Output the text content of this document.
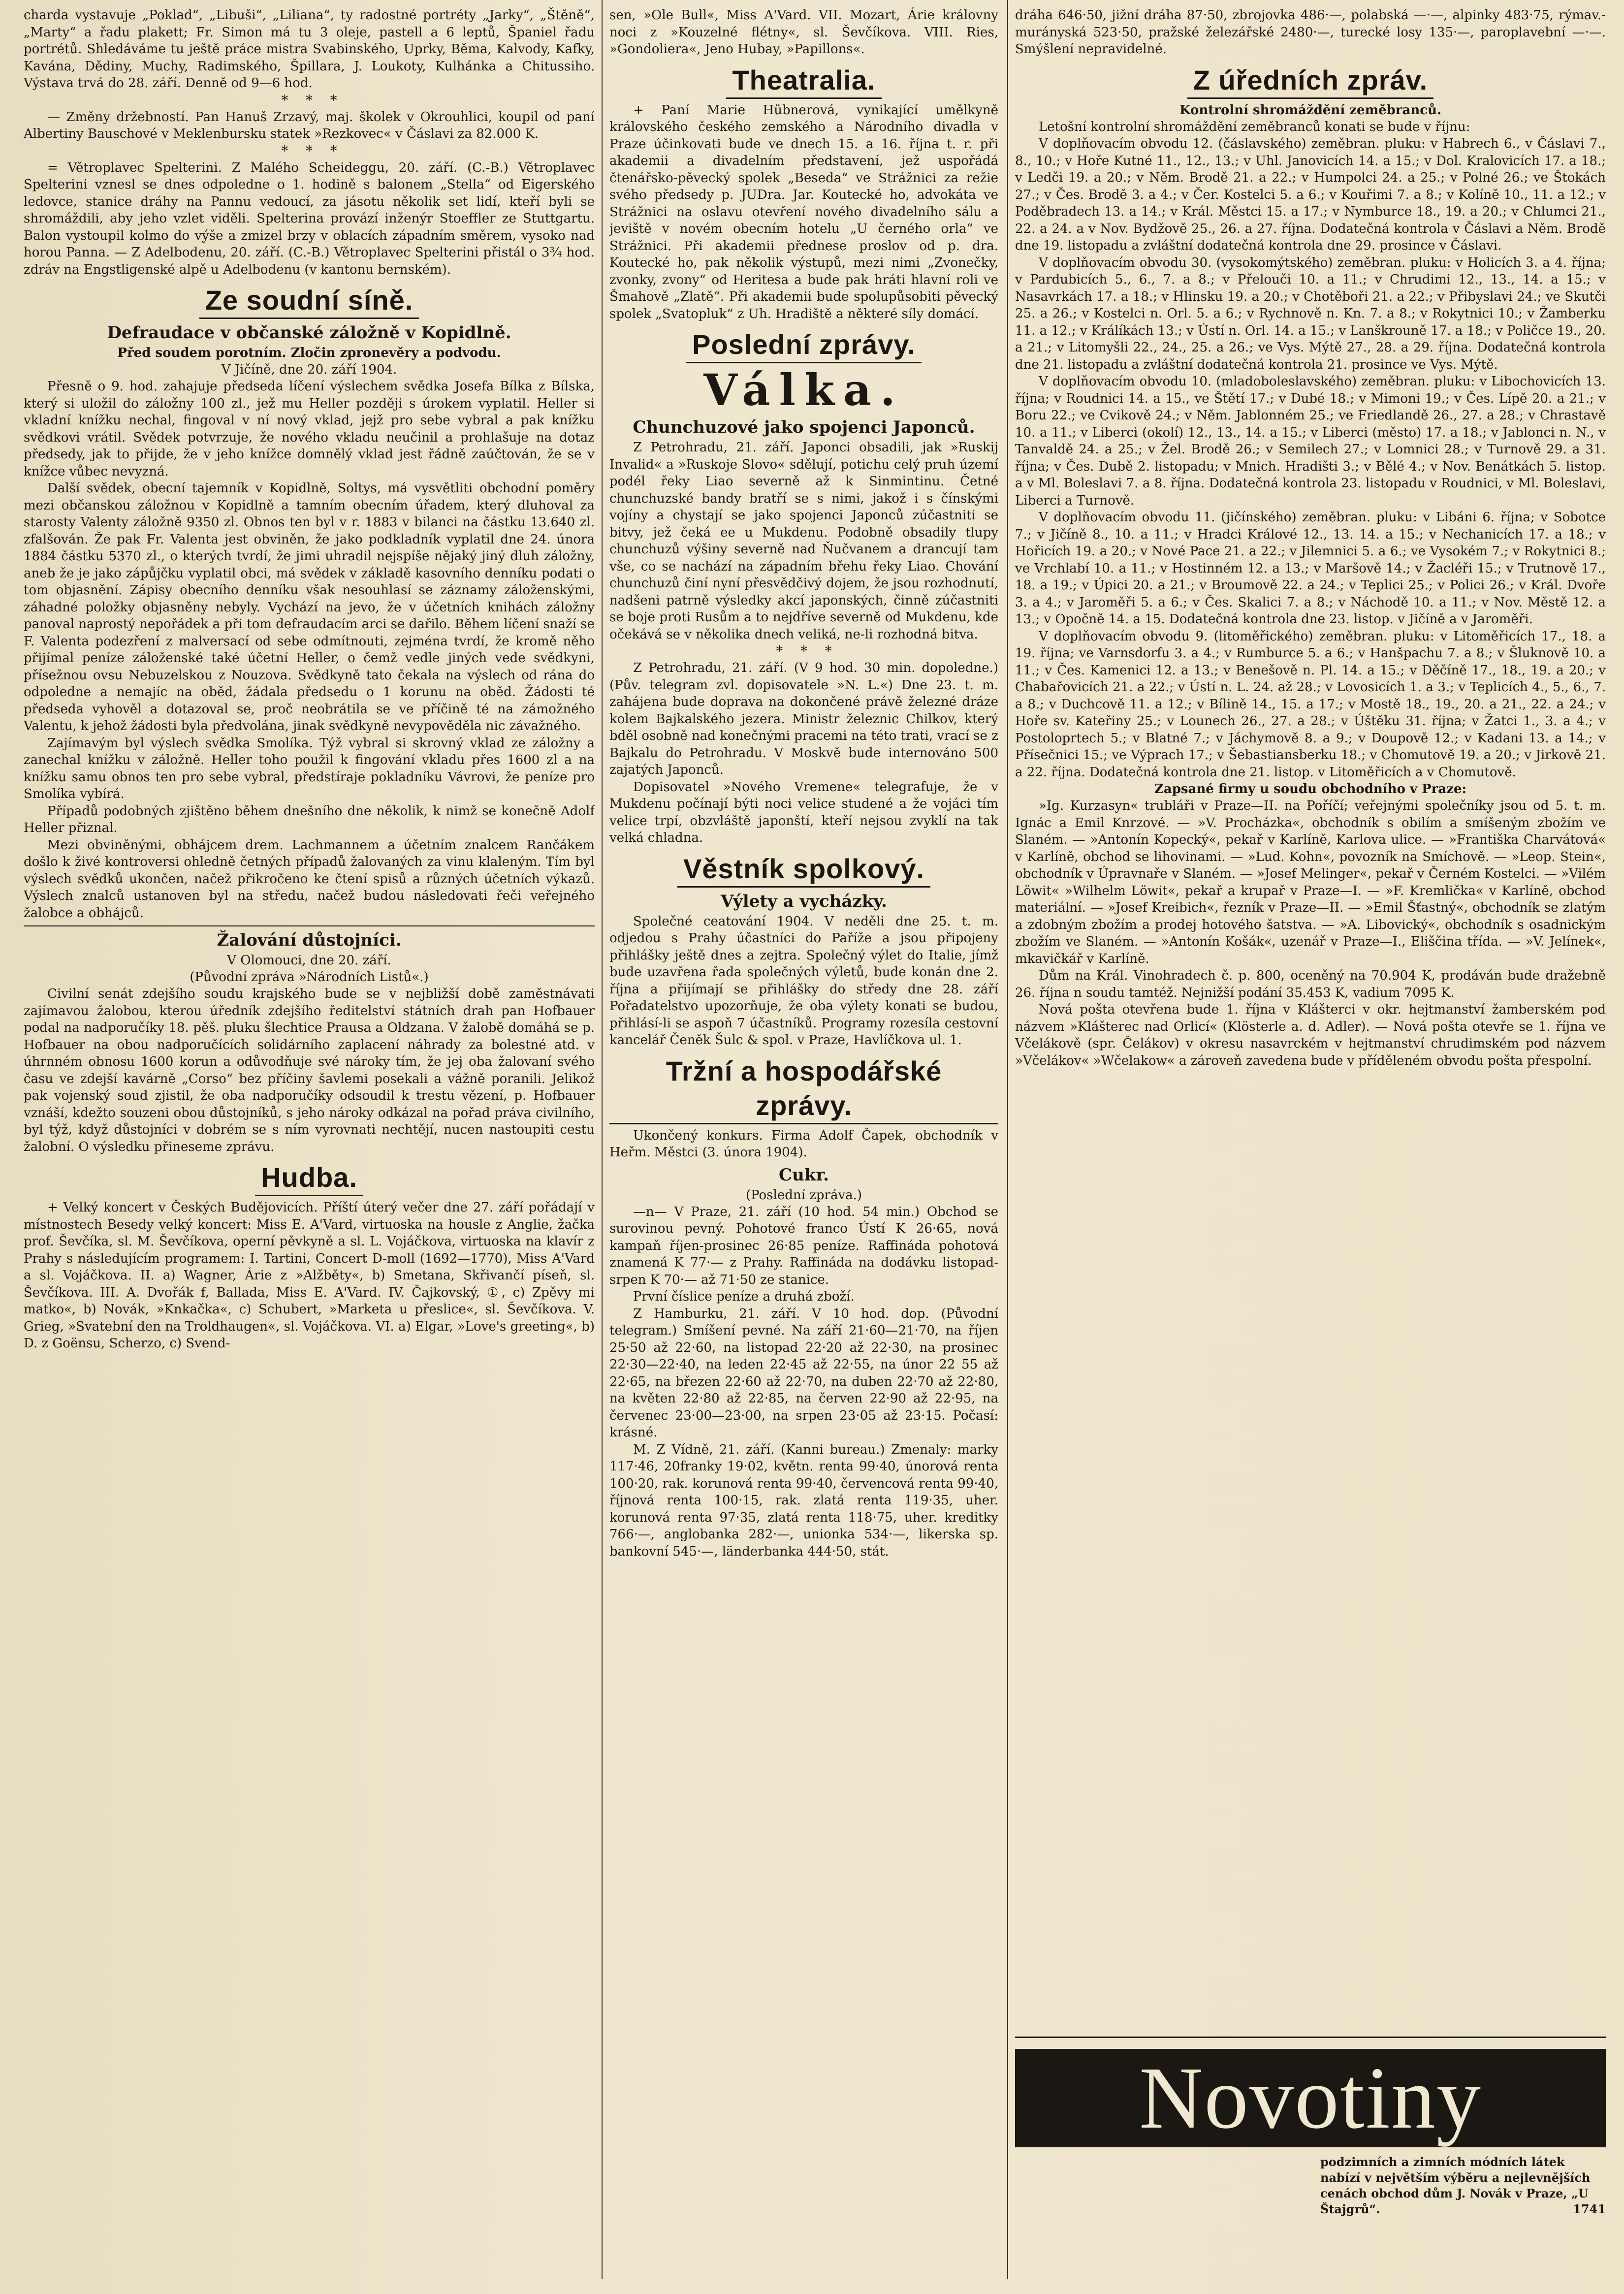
charda vystavuje „Poklad“, „Libuši“, „Liliana“, ty radostné portréty „Jarky“, „Štěně“, „Marty“ a řadu plakett; Fr. Simon má tu 3 oleje, pastell a 6 leptů, Španiel řadu portrétů. Shledáváme tu ještě práce mistra Svabinského, Uprky, Běma, Kalvody, Kafky, Kavána, Dědiny, Muchy, Radimského, Špillara, J. Loukoty, Kulhánka a Chitussiho. Výstava trvá do 28. září. Denně od 9—6 hod.

*    *    *

— Změny držebností. Pan Hanuš Zrzavý, maj. školek v Okrouhlici, koupil od paní Albertiny Bauschové v Meklenbursku statek »Rezkovec« v Čáslavi za 82.000 K.

*    *    *

= Větroplavec Spelterini. Z Malého Scheideggu, 20. září. (C.-B.) Větroplavec Spelterini vznesl se dnes odpoledne o 1. hodině s balonem „Stella“ od Eigerského ledovce, stanice dráhy na Pannu vedoucí, za jásotu několik set lidí, kteří byli se shromáždili, aby jeho vzlet viděli. Spelterina provází inženýr Stoeffler ze Stuttgartu. Balon vystoupil kolmo do výše a zmizel brzy v oblacích západním směrem, vysoko nad horou Panna. — Z Adelbodenu, 20. září. (C.-B.) Větroplavec Spelterini přistál o 3¾ hod. zdráv na Engstligenské alpě u Adelbodenu (v kantonu bernském).

Ze soudní síně.
Defraudace v občanské záložně v Kopidlně.
Před soudem porotním. Zločin zpronevěry a podvodu.
V Jičíně, dne 20. září 1904.

Přesně o 9. hod. zahajuje předseda líčení výslechem svědka Josefa Bílka z Bílska, který si uložil do záložny 100 zl., jež mu Heller později s úrokem vyplatil. Heller si vkladní knížku nechal, fingoval v ní nový vklad, jejž pro sebe vybral a pak knížku svědkovi vrátil. Svědek potvrzuje, že nového vkladu neučinil a prohlašuje na dotaz předsedy, jak to přijde, že v jeho knížce domnělý vklad jest řádně zaúčtován, že se v knížce vůbec nevyzná.

Další svědek, obecní tajemník v Kopidlně, Soltys, má vysvětliti obchodní poměry mezi občanskou záložnou v Kopidlně a tamním obecním úřadem, který dluhoval za starosty Valenty záložně 9350 zl. Obnos ten byl v r. 1883 v bilanci na částku 13.640 zl. zfalšován. Že pak Fr. Valenta jest obviněn, že jako podkladník vyplatil dne 24. února 1884 částku 5370 zl., o kterých tvrdí, že jimi uhradil nejspíše nějaký jiný dluh záložny, aneb že je jako zápůjčku vyplatil obci, má svědek v základě kasovního denníku podati o tom objasnění. Zápisy obecního denníku však nesouhlasí se záznamy záloženskými, záhadné položky objasněny nebyly. Vychází na jevo, že v účetních knihách záložny panoval naprostý nepořádek a při tom defraudacím arci se dařilo. Během líčení snaží se F. Valenta podezření z malversací od sebe odmítnouti, zejména tvrdí, že kromě něho přijímal peníze záloženské také účetní Heller, o čemž vedle jiných vede svědkyni, přísežnou ovsu Nebuzelskou z Nouzova. Svědkyně tato čekala na výslech od rána do odpoledne a nemajíc na oběd, žádala předsedu o 1 korunu na oběd. Žádosti té předseda vyhověl a dotazoval se, proč neobrátila se ve příčině té na zámožného Valentu, k jehož žádosti byla předvolána, jinak svědkyně nevypověděla nic závažného.

Zajímavým byl výslech svědka Smolíka. Týž vybral si skrovný vklad ze záložny a zanechal knížku v záložně. Heller toho použil k fingování vkladu přes 1600 zl a na knížku samu obnos ten pro sebe vybral, předstíraje pokladníku Vávrovi, že peníze pro Smolíka vybírá.

Případů podobných zjištěno během dnešního dne několik, k nimž se konečně Adolf Heller přiznal.

Mezi obviněnými, obhájcem drem. Lachmannem a účetním znalcem Rančákem došlo k živé kontroversi ohledně četných případů žalovaných za vinu klaleným. Tím byl výslech svědků ukončen, načež přikročeno ke čtení spisů a různých účetních výkazů. Výslech znalců ustanoven byl na středu, načež budou následovati řeči veřejného žalobce a obhájců.

Žalování důstojníci.
V Olomouci, dne 20. září.
(Původní zpráva »Národních Listů«.)

Civilní senát zdejšího soudu krajského bude se v nejbližší době zaměstnávati zajímavou žalobou, kterou úředník zdejšího ředitelství státních drah pan Hofbauer podal na nadporučíky 18. pěš. pluku šlechtice Prausa a Oldzana. V žalobě domáhá se p. Hofbauer na obou nadporučících solidárního zaplacení náhrady za bolestné atd. v úhrnném obnosu 1600 korun a odůvodňuje své nároky tím, že jej oba žalovaní svého času ve zdejší kavárně „Corso“ bez příčiny šavlemi posekali a vážně poranili. Jelikož pak vojenský soud zjistil, že oba nadporučíky odsoudil k trestu vězení, p. Hofbauer vznáší, kdežto souzeni obou důstojníků, s jeho nároky odkázal na pořad práva civilního, byl týž, když důstojníci v dobrém se s ním vyrovnati nechtějí, nucen nastoupiti cestu žalobní. O výsledku přineseme zprávu.

Hudba.

+ Velký koncert v Českých Budějovicích. Příští úterý večer dne 27. září pořádají v místnostech Besedy velký koncert: Miss E. A'Vard, virtuoska na housle z Anglie, žačka prof. Ševčíka, sl. M. Ševčíkova, operní pěvkyně a sl. L. Vojáčkova, virtuoska na klavír z Prahy s následujícím programem: I. Tartini, Concert D-moll (1692—1770), Miss A'Vard a sl. Vojáčkova. II. a) Wagner, Árie z »Alžběty«, b) Smetana, Skřivančí píseň, sl. Ševčíkova. III. A. Dvořák f, Ballada, Miss E. A'Vard. IV. Čajkovský, ①, c) Zpěvy mi matko«, b) Novák, »Knkačka«, c) Schubert, »Marketa u přeslice«, sl. Ševčíkova. V. Grieg, »Svatební den na Troldhaugen«, sl. Vojáčkova. VI. a) Elgar, »Love's greeting«, b) D. z Goënsu, Scherzo, c) Svend-

sen, »Ole Bull«, Miss A'Vard. VII. Mozart, Árie královny noci z »Kouzelné flétny«, sl. Ševčíkova. VIII. Ries, »Gondoliera«, Jeno Hubay, »Papillons«.

Theatralia.

+ Paní Marie Hübnerová, vynikající umělkyně královského českého zemského a Národního divadla v Praze účinkovati bude ve dnech 15. a 16. října t. r. při akademii a divadelním představení, jež uspořádá čtenářsko-pěvecký spolek „Beseda“ ve Strážnici za režie svého předsedy p. JUDra. Jar. Koutecké ho, advokáta ve Strážnici na oslavu otevření nového divadelního sálu a jeviště v novém obecním hotelu „U černého orla“ ve Strážnici. Při akademii přednese proslov od p. dra. Koutecké ho, pak několik výstupů, mezi nimi „Zvonečky, zvonky, zvony“ od Heritesa a bude pak hráti hlavní roli ve Šmahově „Zlatě“. Při akademii bude spolupůsobiti pěvecký spolek „Svatopluk“ z Uh. Hradiště a některé síly domácí.

Poslední zprávy.
Válka.
Chunchuzové jako spojenci Japonců.

Z Petrohradu, 21. září. Japonci obsadili, jak »Ruskij Invalid« a »Ruskoje Slovo« sdělují, potichu celý pruh území podél řeky Liao severně až k Sinmintinu. Četné chunchuzské bandy bratří se s nimi, jakož i s čínskými vojíny a chystají se jako spojenci Japonců zúčastniti se bitvy, jež čeká ee u Mukdenu. Podobně obsadily tlupy chunchuzů výšiny severně nad Ňučvanem a drancují tam vše, co se nachází na západním břehu řeky Liao. Chování chunchuzů činí nyní přesvědčivý dojem, že jsou rozhodnutí, nadšeni patrně výsledky akcí japonských, činně zúčastniti se boje proti Rusům a to nejdříve severně od Mukdenu, kde očekává se v několika dnech veliká, ne-li rozhodná bitva.

*    *    *

Z Petrohradu, 21. září. (V 9 hod. 30 min. dopoledne.) (Pův. telegram zvl. dopisovatele »N. L.«) Dne 23. t. m. zahájena bude doprava na dokončené právě železné dráze kolem Bajkalského jezera. Ministr železnic Chilkov, který bděl osobně nad konečnými pracemi na této trati, vrací se z Bajkalu do Petrohradu. V Moskvě bude internováno 500 zajatých Japonců.

Dopisovatel »Nového Vremene« telegrafuje, že v Mukdenu počínají býti noci velice studené a že vojáci tím velice trpí, obzvláště japonští, kteří nejsou zvyklí na tak velká chladna.

Věstník spolkový.
Výlety a vycházky.

Společné ceatování 1904. V neděli dne 25. t. m. odjedou s Prahy účastníci do Paříže a jsou připojeny přihlášky ještě dnes a zejtra. Společný výlet do Italie, jímž bude uzavřena řada společných výletů, bude konán dne 2. října a přijímají se přihlášky do středy dne 28. září Pořadatelstvo upozorňuje, že oba výlety konati se budou, přihlásí-li se aspoň 7 účastníků. Programy rozesíla cestovní kancelář Čeněk Šulc & spol. v Praze, Havlíčkova ul. 1.

Tržní a hospodářské zprávy.

Ukončený konkurs. Firma Adolf Čapek, obchodník v Heřm. Městci (3. února 1904).

Cukr.
(Poslední zpráva.)

—n— V Praze, 21. září (10 hod. 54 min.) Obchod se surovinou pevný. Pohotové franco Ústí K 26·65, nová kampaň říjen-prosinec 26·85 peníze. Raffináda pohotová znamená K 77·— z Prahy. Raffináda na dodávku listopad-srpen K 70·— až 71·50 ze stanice.

První číslice peníze a druhá zboží.

Z Hamburku, 21. září. V 10 hod. dop. (Původní telegram.) Smíšení pevné. Na září 21·60—21·70, na říjen 25·50 až 22·60, na listopad 22·20 až 22·30, na prosinec 22·30—22·40, na leden 22·45 až 22·55, na únor 22 55 až 22·65, na březen 22·60 až 22·70, na duben 22·70 až 22·80, na květen 22·80 až 22·85, na červen 22·90 až 22·95, na červenec 23·00—23·00, na srpen 23·05 až 23·15. Počasí: krásné.

M. Z Vídně, 21. září. (Kanni bureau.) Zmenaly: marky 117·46, 20franky 19·02, květn. renta 99·40, únorová renta 100·20, rak. korunová renta 99·40, červencová renta 99·40, říjnová renta 100·15, rak. zlatá renta 119·35, uher. korunová renta 97·35, zlatá renta 118·75, uher. kreditky 766·—, anglobanka 282·—, unionka 534·—, likerska sp. bankovní 545·—, länderbanka 444·50, stát.

dráha 646·50, jižní dráha 87·50, zbrojovka 486·—, polabská —·—, alpinky 483·75, rýmav.-murányská 523·50, pražské železářské 2480·—, turecké losy 135·—, paroplavební —·—. Smýšlení nepravidelné.

Z úředních zpráv.
Kontrolní shromáždění zeměbranců.

Letošní kontrolní shromáždění zeměbranců konati se bude v říjnu:

V doplňovacím obvodu 12. (čáslavského) zeměbran. pluku: v Habrech 6., v Čáslavi 7., 8., 10.; v Hoře Kutné 11., 12., 13.; v Uhl. Janovicích 14. a 15.; v Dol. Kralovicích 17. a 18.; v Ledči 19. a 20.; v Něm. Brodě 21. a 22.; v Humpolci 24. a 25.; v Polné 26.; ve Štokách 27.; v Čes. Brodě 3. a 4.; v Čer. Kostelci 5. a 6.; v Kouřimi 7. a 8.; v Kolíně 10., 11. a 12.; v Poděbradech 13. a 14.; v Král. Městci 15. a 17.; v Nymburce 18., 19. a 20.; v Chlumci 21., 22. a 24. a v Nov. Bydžově 25., 26. a 27. října. Dodatečná kontrola v Čáslavi a Něm. Brodě dne 19. listopadu a zvláštní dodatečná kontrola dne 29. prosince v Čáslavi.

V doplňovacím obvodu 30. (vysokomýtského) zeměbran. pluku: v Holicích 3. a 4. října; v Pardubicích 5., 6., 7. a 8.; v Přelouči 10. a 11.; v Chrudimi 12., 13., 14. a 15.; v Nasavrkách 17. a 18.; v Hlinsku 19. a 20.; v Chotěboři 21. a 22.; v Přibyslavi 24.; ve Skutči 25. a 26.; v Kostelci n. Orl. 5. a 6.; v Rychnově n. Kn. 7. a 8.; v Rokytnici 10.; v Žamberku 11. a 12.; v Králíkách 13.; v Ústí n. Orl. 14. a 15.; v Lanškrouně 17. a 18.; v Poličce 19., 20. a 21.; v Litomyšli 22., 24., 25. a 26.; ve Vys. Mýtě 27., 28. a 29. října. Dodatečná kontrola dne 21. listopadu a zvláštní dodatečná kontrola 21. prosince ve Vys. Mýtě.

V doplňovacím obvodu 10. (mladoboleslavského) zeměbran. pluku: v Libochovicích 13. října; v Roudnici 14. a 15., ve Štětí 17.; v Dubé 18.; v Mimoni 19.; v Čes. Lípě 20. a 21.; v Boru 22.; ve Cvikově 24.; v Něm. Jablonném 25.; ve Friedlandě 26., 27. a 28.; v Chrastavě 10. a 11.; v Liberci (okolí) 12., 13., 14. a 15.; v Liberci (město) 17. a 18.; v Jablonci n. N., v Tanvaldě 24. a 25.; v Žel. Brodě 26.; v Semilech 27.; v Lomnici 28.; v Turnově 29. a 31. října; v Čes. Dubě 2. listopadu; v Mnich. Hradišti 3.; v Bělé 4.; v Nov. Benátkách 5. listop. a v Ml. Boleslavi 7. a 8. října. Dodatečná kontrola 23. listopadu v Roudnici, v Ml. Boleslavi, Liberci a Turnově.

V doplňovacím obvodu 11. (jičínského) zeměbran. pluku: v Libáni 6. října; v Sobotce 7.; v Jičíně 8., 10. a 11.; v Hradci Králové 12., 13. 14. a 15.; v Nechanicích 17. a 18.; v Hořicích 19. a 20.; v Nové Pace 21. a 22.; v Jilemnici 5. a 6.; ve Vysokém 7.; v Rokytnici 8.; ve Vrchlabí 10. a 11.; v Hostinném 12. a 13.; v Maršově 14.; v Žacléři 15.; v Trutnově 17., 18. a 19.; v Úpici 20. a 21.; v Broumově 22. a 24.; v Teplici 25.; v Polici 26.; v Král. Dvoře 3. a 4.; v Jaroměři 5. a 6.; v Čes. Skalici 7. a 8.; v Náchodě 10. a 11.; v Nov. Městě 12. a 13.; v Opočně 14. a 15. Dodatečná kontrola dne 23. listop. v Jičíně a v Jaroměři.

V doplňovacím obvodu 9. (litoměřického) zeměbran. pluku: v Litoměřicích 17., 18. a 19. října; ve Varnsdorfu 3. a 4.; v Rumburce 5. a 6.; v Hanšpachu 7. a 8.; v Šluknově 10. a 11.; v Čes. Kamenici 12. a 13.; v Benešově n. Pl. 14. a 15.; v Děčíně 17., 18., 19. a 20.; v Chabařovicích 21. a 22.; v Ústí n. L. 24. až 28.; v Lovosicích 1. a 3.; v Teplicích 4., 5., 6., 7. a 8.; v Duchcově 11. a 12.; v Bílině 14., 15. a 17.; v Mostě 18., 19., 20. a 21., 22. a 24.; v Hoře sv. Kateřiny 25.; v Lounech 26., 27. a 28.; v Úštěku 31. října; v Žatci 1., 3. a 4.; v Postoloprtech 5.; v Blatné 7.; v Jáchymově 8. a 9.; v Doupově 12.; v Kadani 13. a 14.; v Přísečnici 15.; ve Výprach 17.; v Šebastiansberku 18.; v Chomutově 19. a 20.; v Jirkově 21. a 22. října. Dodatečná kontrola dne 21. listop. v Litoměřicích a v Chomutově.

Zapsané firmy u soudu obchodního v Praze:

»Ig. Kurzasyn« trubláři v Praze—II. na Poříčí; veřejnými společníky jsou od 5. t. m. Ignác a Emil Knrzové. — »V. Procházka«, obchodník s obilím a smíšeným zbožím ve Slaném. — »Antonín Kopecký«, pekař v Karlíně, Karlova ulice. — »Františka Charvátová« v Karlíně, obchod se lihovinami. — »Lud. Kohn«, povozník na Smíchově. — »Leop. Stein«, obchodník v Úpravnaře v Slaném. — »Josef Melinger«, pekař v Černém Kostelci. — »Vilém Löwit« »Wilhelm Löwit«, pekař a krupař v Praze—I. — »F. Kremlička« v Karlíně, obchod materiální. — »Josef Kreibich«, řezník v Praze—II. — »Emil Šťastný«, obchodník se zlatým a zdobným zbožím a prodej hotového šatstva. — »A. Libovický«, obchodník s osadnickým zbožím ve Slaném. — »Antonín Košák«, uzenář v Praze—I., Eliščina třída. — »V. Jelínek«, mkavičkář v Karlíně.

Dům na Král. Vinohradech č. p. 800, oceněný na 70.904 K, prodáván bude dražebně 26. října n soudu tamtéž. Nejnižší podání 35.453 K, vadium 7095 K.

Nová pošta otevřena bude 1. října v Klášterci v okr. hejtmanství žamberském pod názvem »Klášterec nad Orlicí« (Klösterle a. d. Adler). — Nová pošta otevře se 1. října ve Včelákově (spr. Čelákov) v okresu nasavrckém v hejtmanství chrudimském pod názvem »Včelákov« »Wčelakow« a zároveň zavedena bude v příděleném obvodu pošta přespolní.

Novotiny
podzimních a zimních módních látek nabízí v největším výběru a nejlevnějších cenách obchod dům J. Novák v Praze, „U Štajgrů“.	1741
